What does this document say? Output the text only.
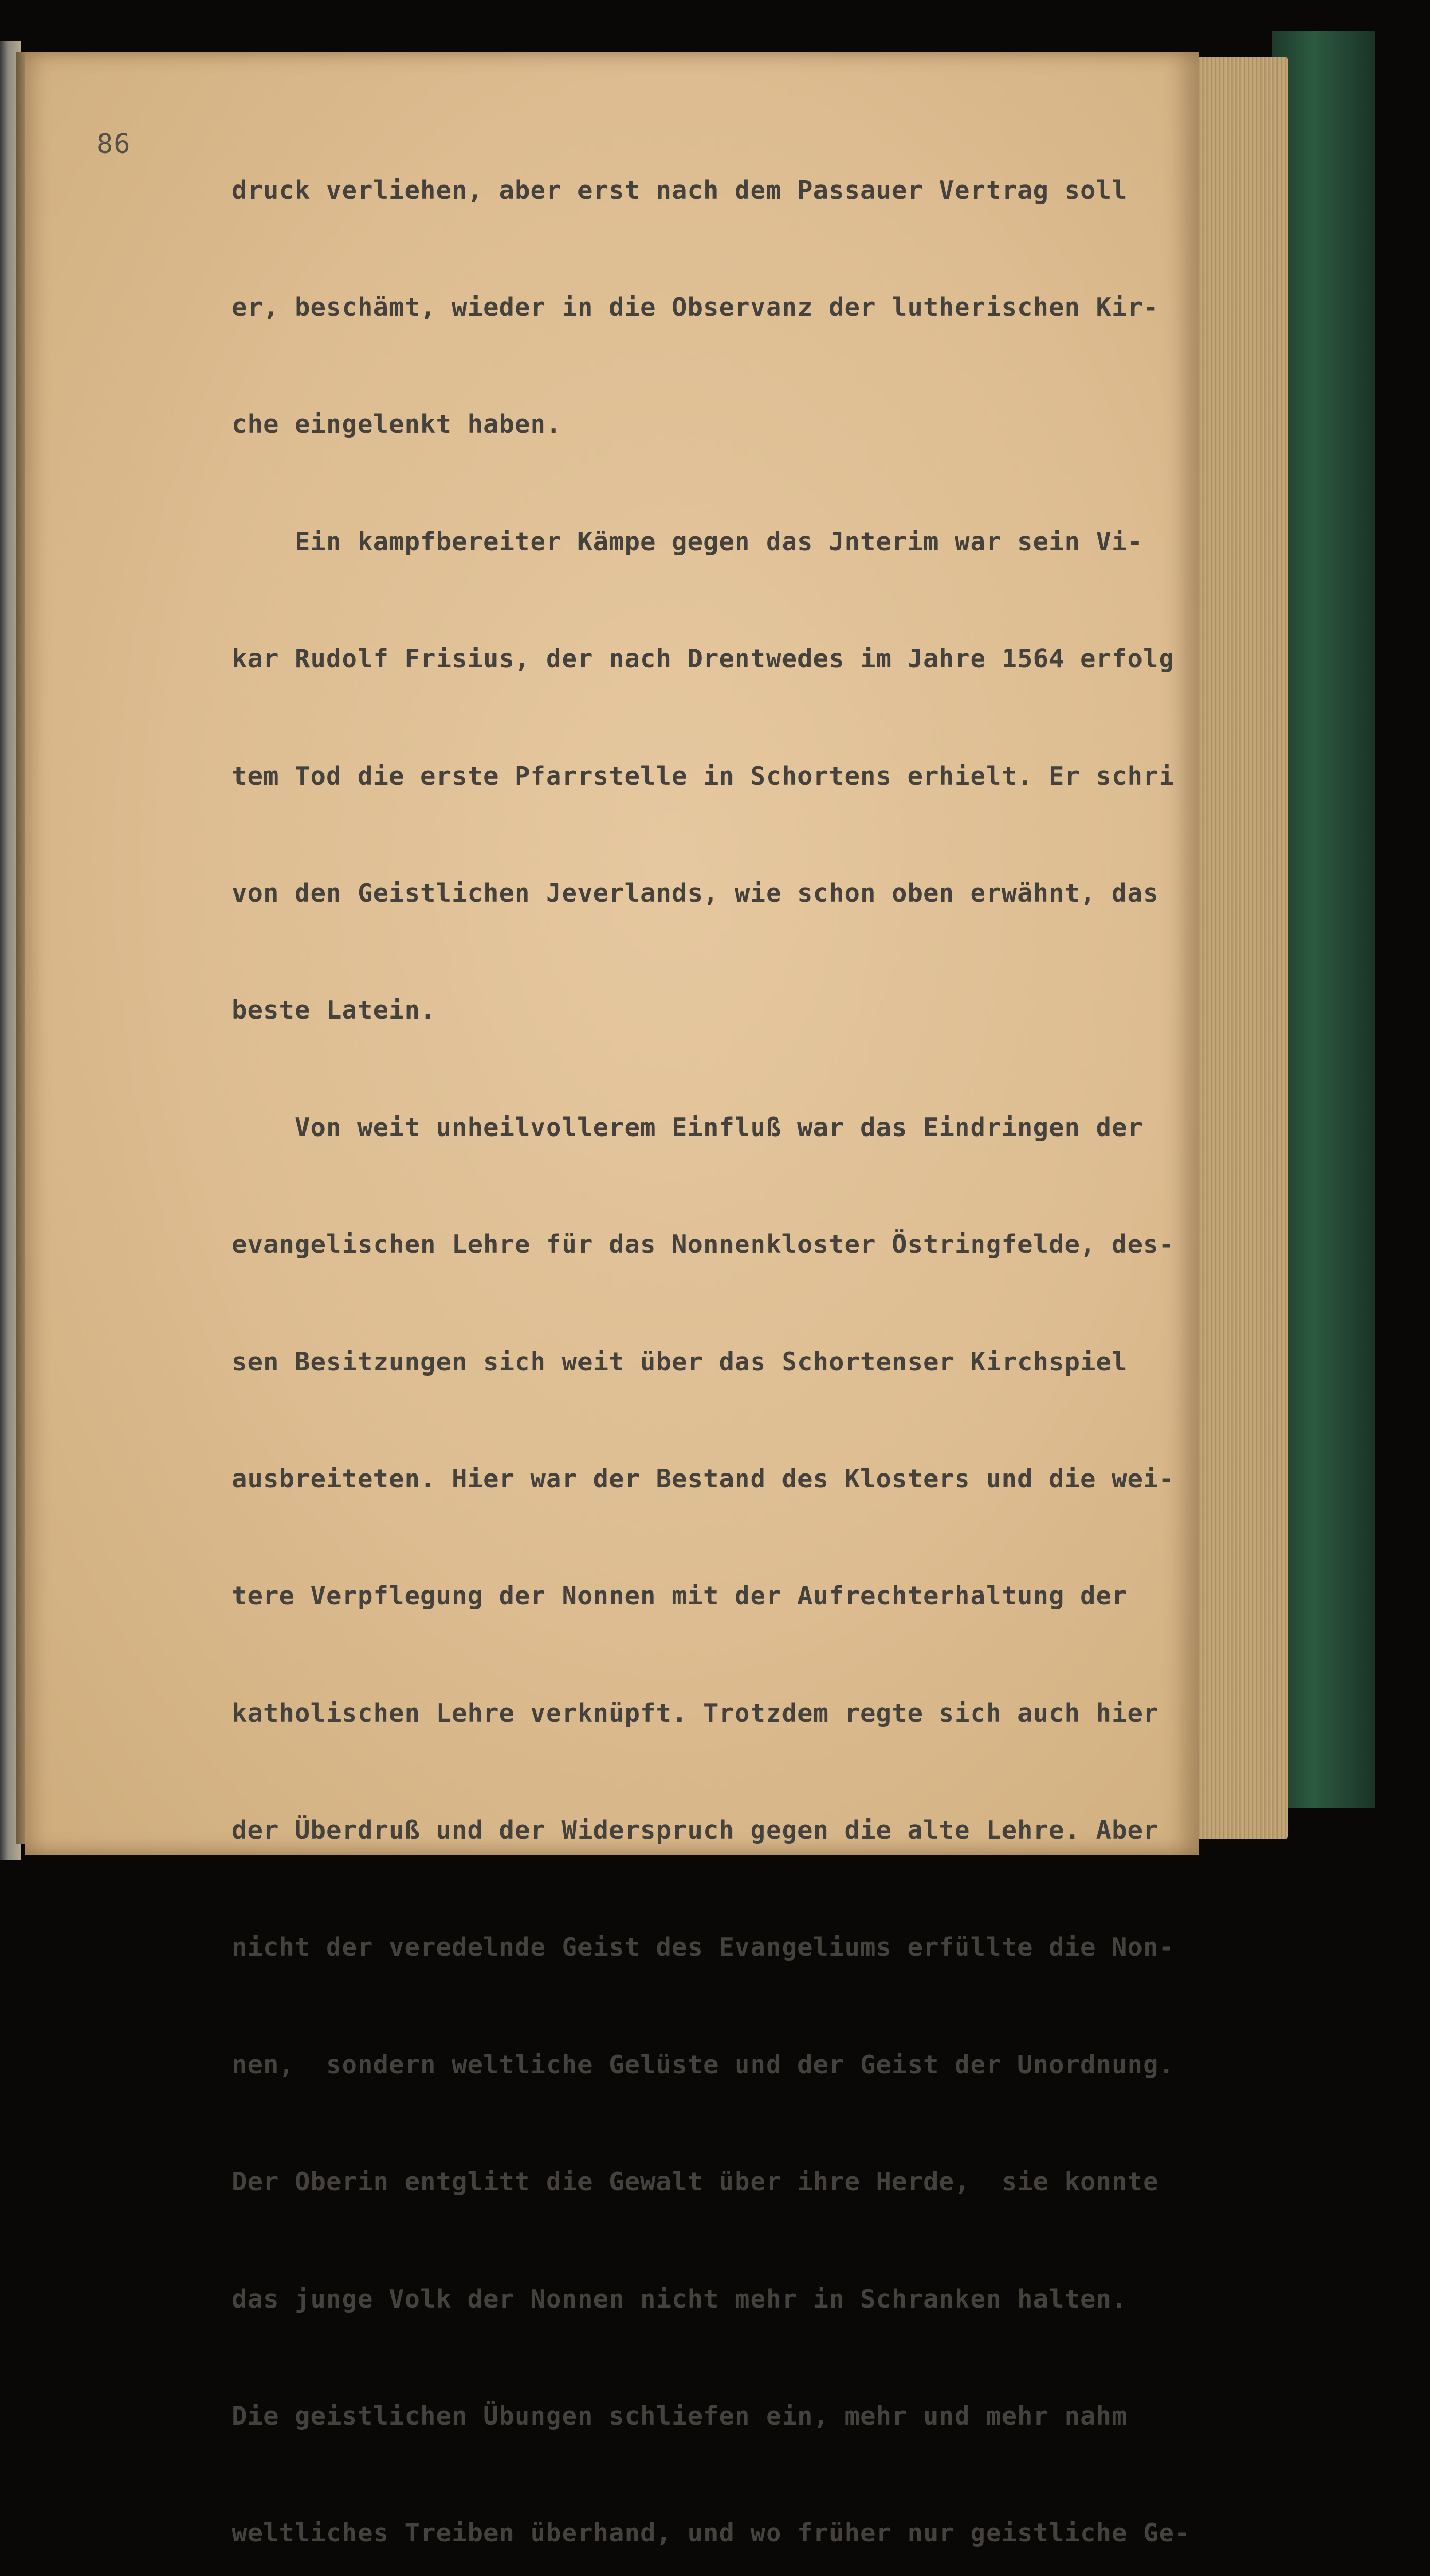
86

druck verliehen, aber erst nach dem Passauer Vertrag soll

er, beschämt, wieder in die Observanz der lutherischen Kir-

che eingelenkt haben.

Ein kampfbereiter Kämpe gegen das Jnterim war sein Vi-

kar Rudolf Frisius, der nach Drentwedes im Jahre 1564 erfolg

tem Tod die erste Pfarrstelle in Schortens erhielt. Er schri

von den Geistlichen Jeverlands, wie schon oben erwähnt, das

beste Latein.

Von weit unheilvollerem Einfluß war das Eindringen der

evangelischen Lehre für das Nonnenkloster Östringfelde, des-

sen Besitzungen sich weit über das Schortenser Kirchspiel

ausbreiteten. Hier war der Bestand des Klosters und die wei-

tere Verpflegung der Nonnen mit der Aufrechterhaltung der

katholischen Lehre verknüpft. Trotzdem regte sich auch hier

der Überdruß und der Widerspruch gegen die alte Lehre. Aber

nicht der veredelnde Geist des Evangeliums erfüllte die Non-

nen,  sondern weltliche Gelüste und der Geist der Unordnung.

Der Oberin entglitt die Gewalt über ihre Herde,  sie konnte

das junge Volk der Nonnen nicht mehr in Schranken halten.

Die geistlichen Übungen schliefen ein, mehr und mehr nahm

weltliches Treiben überhand, und wo früher nur geistliche Ge-
